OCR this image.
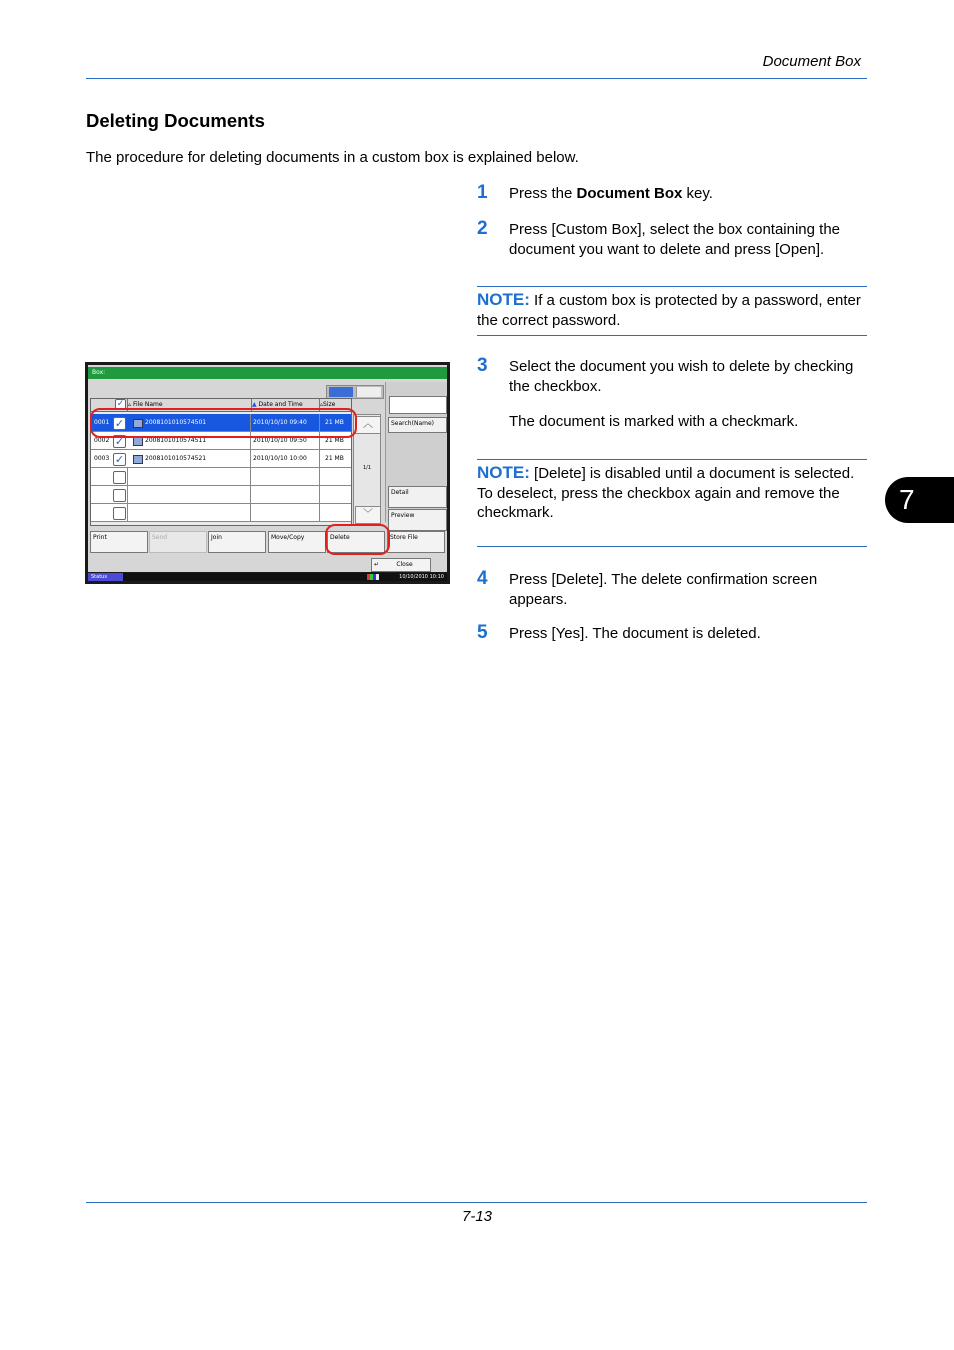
Document Box
Deleting Documents
The procedure for deleting documents in a custom box is explained below.
1 Press the Document Box key.
2 Press [Custom Box], select the box containing the document you want to delete and press [Open].
NOTE: If a custom box is protected by a password, enter the correct password.
3 Select the document you wish to delete by checking the checkbox.
The document is marked with a checkmark.
NOTE: [Delete] is disabled until a document is selected.
To deselect, press the checkbox again and remove the checkmark.
4 Press [Delete]. The delete confirmation screen appears.
5 Press [Yes]. The document is deleted.
7
Box:
✓ ▵ File Name	▲ Date and Time	▵Size
0001 ✓	2008101010574501	2010/10/10 09:40	21 MB
0002 ✓	2008101010574511	2010/10/10 09:50	21 MB
0003 ✓	2008101010574521	2010/10/10 10:00	21 MB
︿
1/1
﹀
Search(Name)
Detail
Preview
Print	Send	Join	Move/Copy	Delete	Store File
↵	Close
Status	10/10/2010 10:10
7-13
